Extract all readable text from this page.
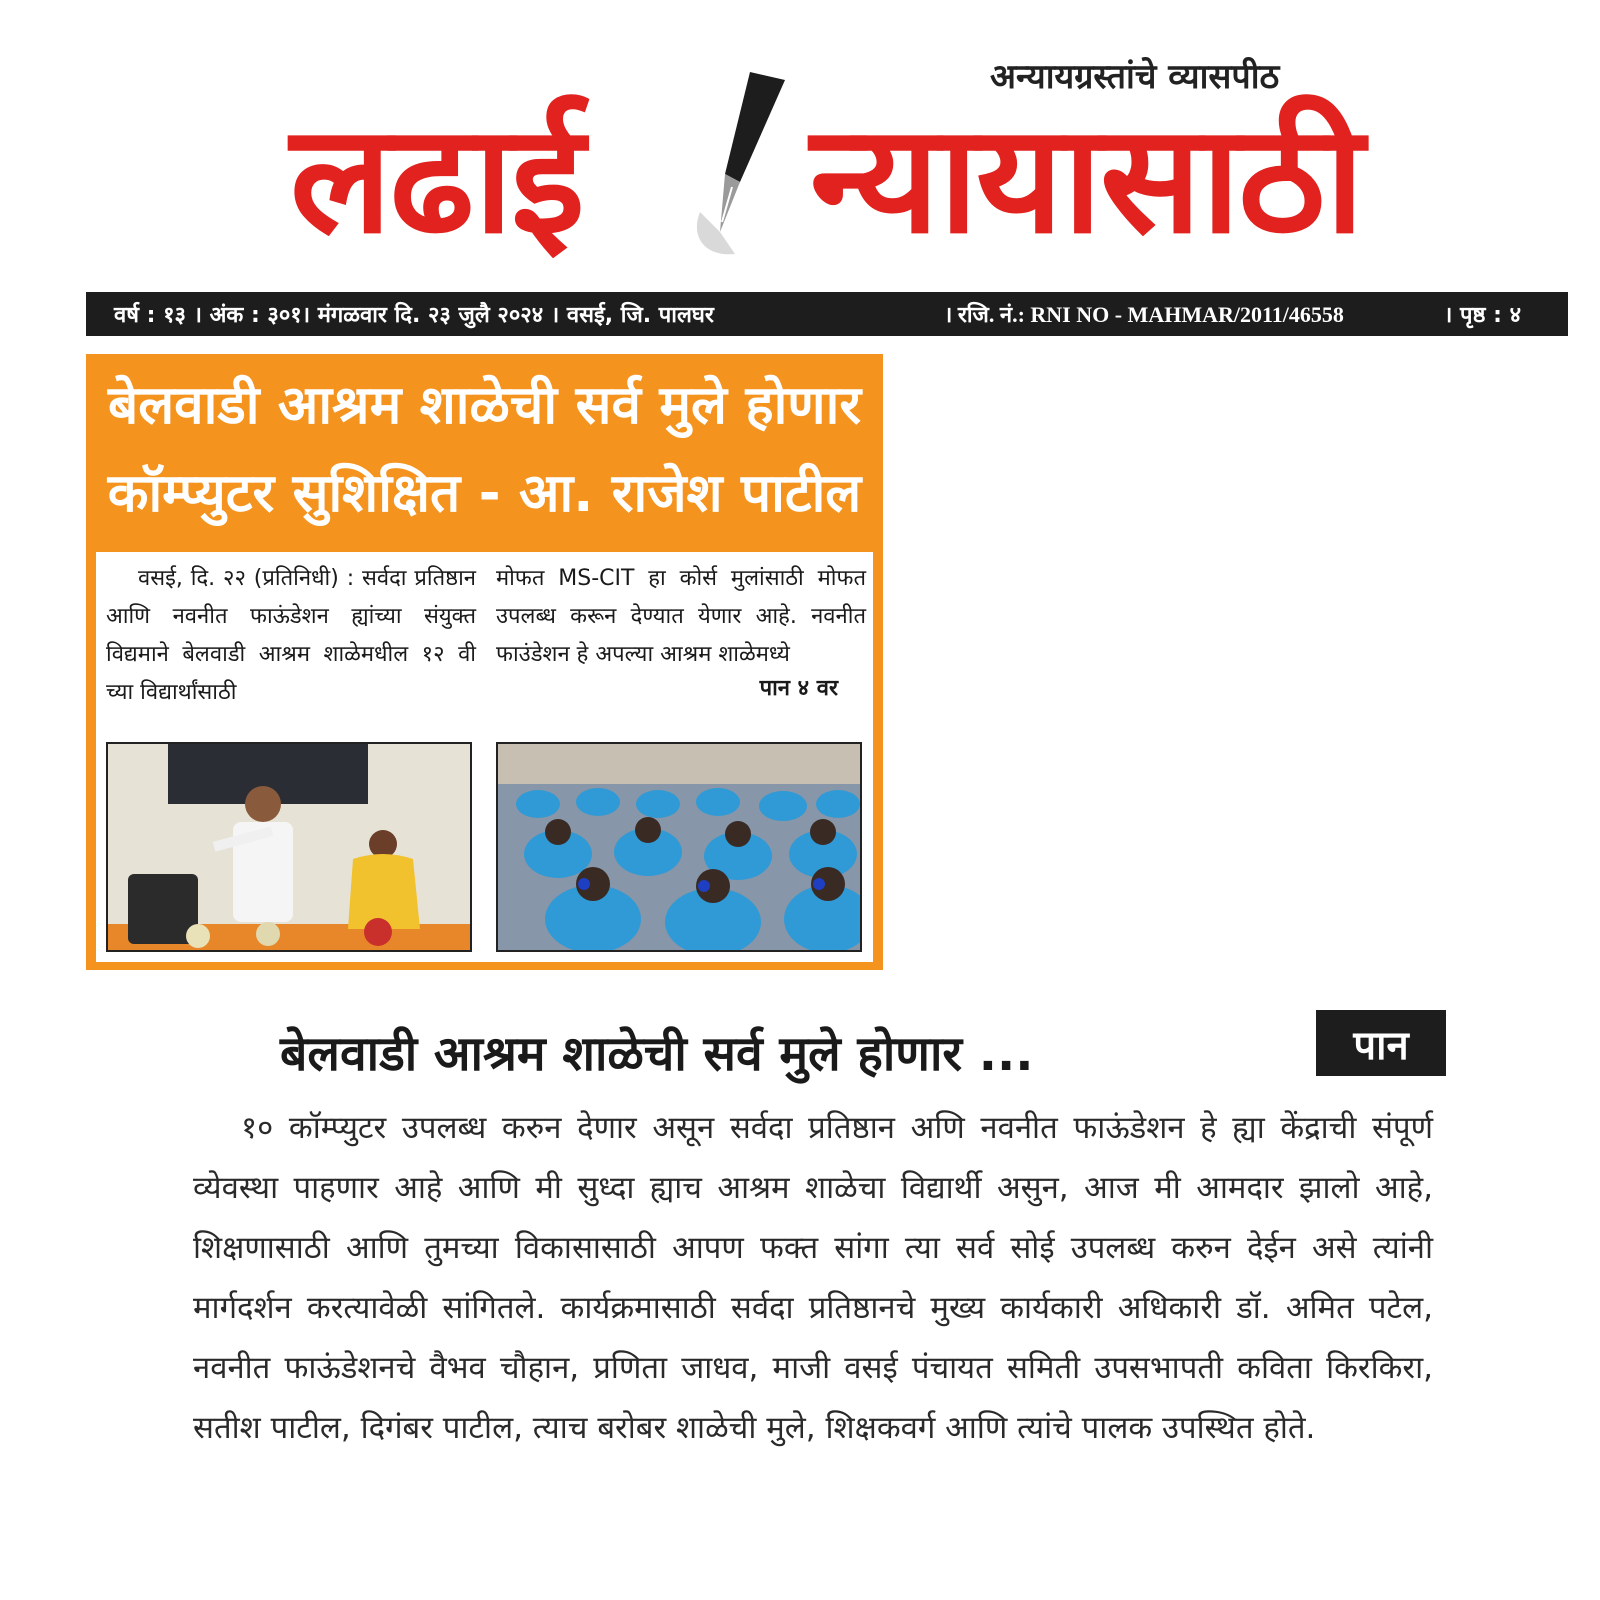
अन्यायग्रस्तांचे व्यासपीठ
लढाई न्यायासाठी
वर्ष : १३ । अंक : ३०१। मंगळवार दि. २३ जुलै २०२४ । वसई, जि. पालघर	। रजि. नं.: RNI NO - MAHMAR/2011/46558	। पृष्ठ : ४
बेलवाडी आश्रम शाळेची सर्व मुले होणार
कॉम्प्युटर सुशिक्षित - आ. राजेश पाटील

वसई, दि. २२ (प्रतिनिधी) : सर्वदा प्रतिष्ठान आणि नवनीत फाऊंडेशन ह्यांच्या संयुक्त विद्यमाने बेलवाडी आश्रम शाळेमधील १२ वी च्या विद्यार्थांसाठी

मोफत MS-CIT हा कोर्स मुलांसाठी मोफत उपलब्ध करून देण्यात येणार आहे. नवनीत फाउंडेशन हे अपल्या आश्रम शाळेमध्ये

पान ४ वर
बेलवाडी आश्रम शाळेची सर्व मुले होणार ...	पान

१० कॉम्प्युटर उपलब्ध करुन देणार असून सर्वदा प्रतिष्ठान अणि नवनीत फाऊंडेशन हे ह्या केंद्राची संपूर्ण व्येवस्था पाहणार आहे आणि मी सुध्दा ह्याच आश्रम शाळेचा विद्यार्थी असुन, आज मी आमदार झालो आहे, शिक्षणासाठी आणि तुमच्या विकासासाठी आपण फक्त सांगा त्या सर्व सोई उपलब्ध करुन देईन असे त्यांनी मार्गदर्शन करत्यावेळी सांगितले. कार्यक्रमासाठी सर्वदा प्रतिष्ठानचे मुख्य कार्यकारी अधिकारी डॉ. अमित पटेल, नवनीत फाऊंडेशनचे वैभव चौहान, प्रणिता जाधव, माजी वसई पंचायत समिती उपसभापती कविता किरकिरा, सतीश पाटील, दिगंबर पाटील, त्याच बरोबर शाळेची मुले, शिक्षकवर्ग आणि त्यांचे पालक उपस्थित होते.
